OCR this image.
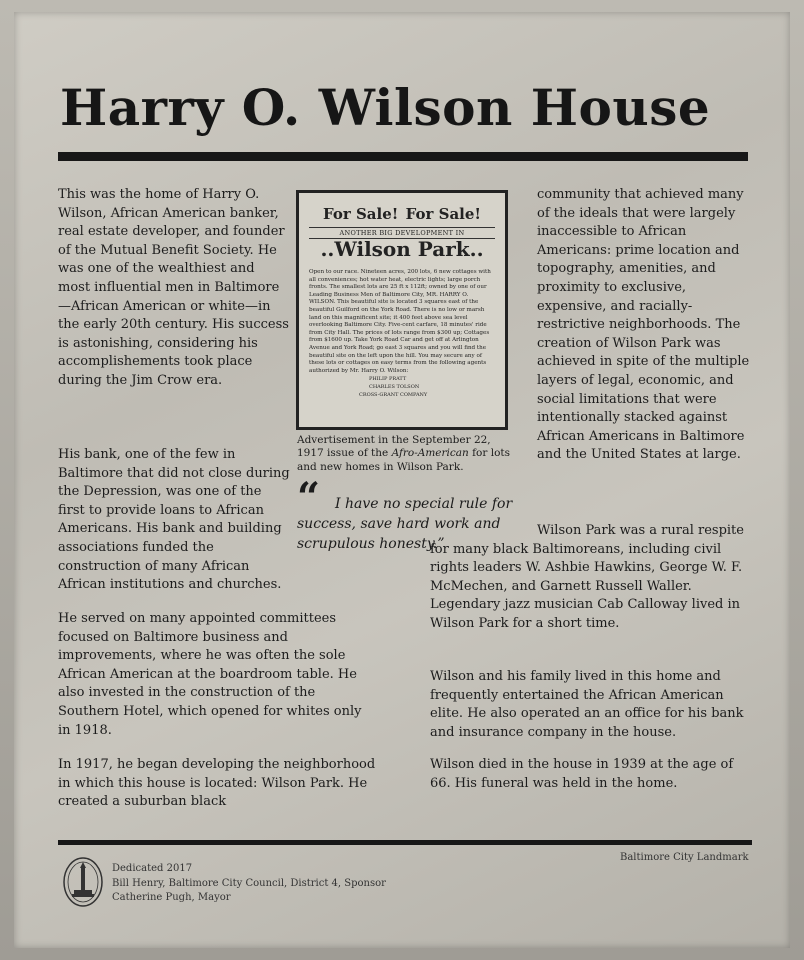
Harry O. Wilson House

This was the home of Harry O. Wilson, African American banker, real estate developer, and founder of the Mutual Benefit Society. He was one of the wealthiest and most influential men in Baltimore —African American or white—in the early 20th century. His success is astonishing, considering his accomplishements took place during the Jim Crow era.

His bank, one of the few in Baltimore that did not close during the Depression, was one of the first to provide loans to African Americans. His bank and building associations funded the construction of many African African institutions and churches.

He served on many appointed committees focused on Baltimore business and improvements, where he was often the sole African American at the boardroom table. He also invested in the construction of the Southern Hotel, which opened for whites only in 1918.

In 1917, he began developing the neighborhood in which this house is located: Wilson Park. He created a suburban black

community that achieved many of the ideals that were largely inaccessible to African Americans: prime location and topography, amenities, and proximity to exclusive, expensive, and racially-restrictive neighborhoods. The creation of Wilson Park was achieved in spite of the multiple layers of legal, economic, and social limitations that were intentionally stacked against African Americans in Baltimore and the United States at large.

Wilson Park was a rural respite for many black Baltimoreans, including civil rights leaders W. Ashbie Hawkins, George W. F. McMechen, and Garnett Russell Waller. Legendary jazz musician Cab Calloway lived in Wilson Park for a short time.

Wilson and his family lived in this home and frequently entertained the African American elite. He also operated an an office for his bank and insurance company in the house.

Wilson died in the house in 1939 at the age of 66. His funeral was held in the home.

For Sale! For Sale!
ANOTHER BIG DEVELOPMENT IN
..Wilson Park..
Open to our race. Nineteen acres, 200 lots, 6 new cottages with all conveniences; hot water heat, electric lights; large porch fronts. The smallest lots are 25 ft x 112ft; owned by one of our Leading Business Men of Baltimore City, MR. HARRY O. WILSON. This beautiful site is located 3 squares east of the beautiful Guilford on the York Road. There is no low or marsh land on this magnificent site; it 400 feet above sea level overlooking Baltimore City. Five-cent carfare, 18 minutes' ride from City Hall. The prices of lots range from $300 up; Cottages from $1600 up. Take York Road Car and get off at Arlington Avenue and York Road; go east 3 squares and you will find the beautiful site on the left upon the hill. You may secure any of these lots or cottages on easy terms from the following agents authorized by Mr. Harry O. Wilson:
PHILIP PRATT
CHARLES TOLSON
CROSS-GRANT COMPANY
Advertisement in the September 22, 1917 issue of the Afro-American for lots and new homes in Wilson Park.
“	I have no special rule for success, save hard work and scrupulous honesty.”
Dedicated 2017
Bill Henry, Baltimore City Council, District 4, Sponsor
Catherine Pugh, Mayor
Baltimore City Landmark
